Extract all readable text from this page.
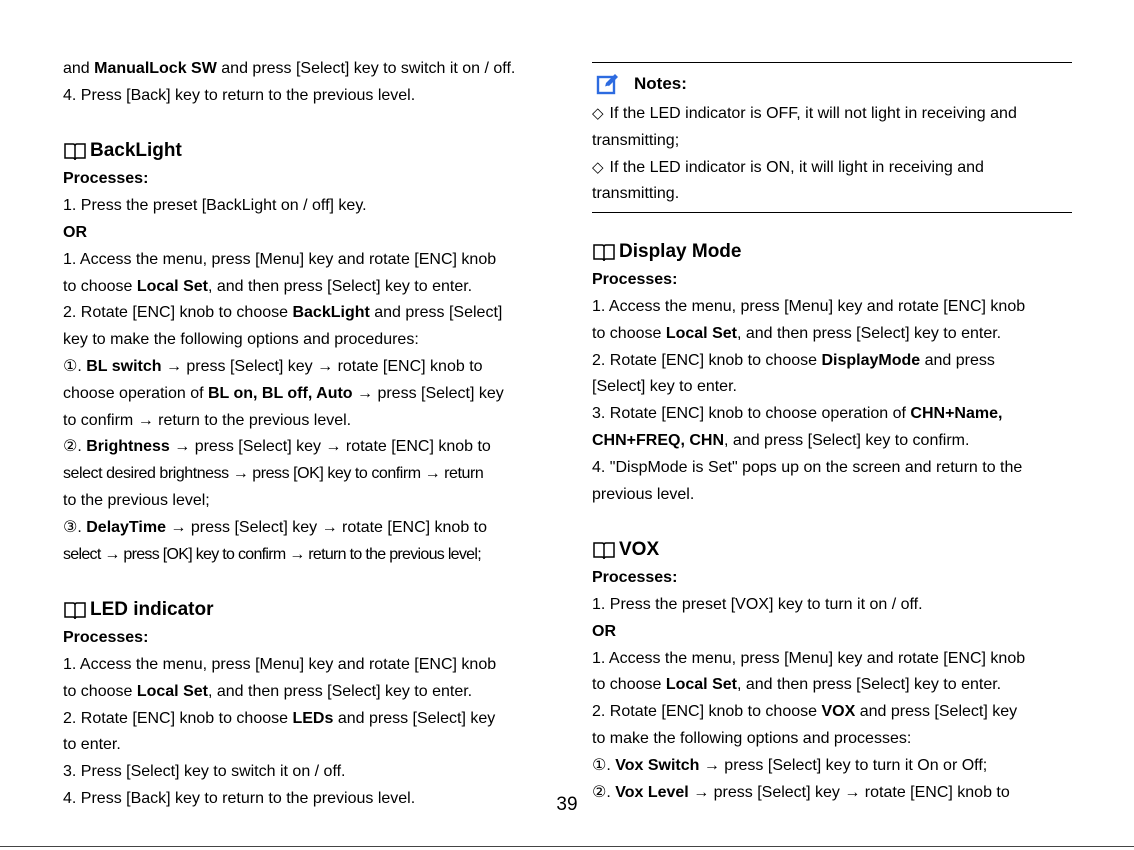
and ManualLock SW and press [Select] key to switch it on / off.
4. Press [Back] key to return to the previous level.
BackLight
Processes:
1. Press the preset [BackLight on / off] key.
OR
1. Access the menu, press [Menu] key and rotate [ENC] knob
to choose Local Set, and then press [Select] key to enter.
2. Rotate [ENC] knob to choose BackLight and press [Select]
key to make the following options and procedures:
①. BL switch → press [Select] key → rotate [ENC] knob to
choose operation of BL on, BL off, Auto → press [Select] key
to confirm → return to the previous level.
②. Brightness → press [Select] key → rotate [ENC] knob to
select desired brightness → press [OK] key to confirm → return
to the previous level;
③. DelayTime → press [Select] key → rotate [ENC] knob to
select → press [OK] key to confirm → return to the previous level;
LED indicator
Processes:
1. Access the menu, press [Menu] key and rotate [ENC] knob
to choose Local Set, and then press [Select] key to enter.
2. Rotate [ENC] knob to choose LEDs and press [Select] key
to enter.
3. Press [Select] key to switch it on / off.
4. Press [Back] key to return to the previous level.
Notes:
◇ If the LED indicator is OFF, it will not light in receiving and
transmitting;
◇ If the LED indicator is ON, it will light in receiving and
transmitting.
Display Mode
Processes:
1. Access the menu, press [Menu] key and rotate [ENC] knob
to choose Local Set, and then press [Select] key to enter.
2. Rotate [ENC] knob to choose DisplayMode and press
[Select] key to enter.
3. Rotate [ENC] knob to choose operation of CHN+Name,
CHN+FREQ, CHN, and press [Select] key to confirm.
4. "DispMode is Set" pops up on the screen and return to the
previous level.
VOX
Processes:
1. Press the preset [VOX] key to turn it on / off.
OR
1. Access the menu, press [Menu] key and rotate [ENC] knob
to choose Local Set, and then press [Select] key to enter.
2. Rotate [ENC] knob to choose VOX and press [Select] key
to make the following options and processes:
①. Vox Switch → press [Select] key to turn it On or Off;
②. Vox Level → press [Select] key → rotate [ENC] knob to
39
